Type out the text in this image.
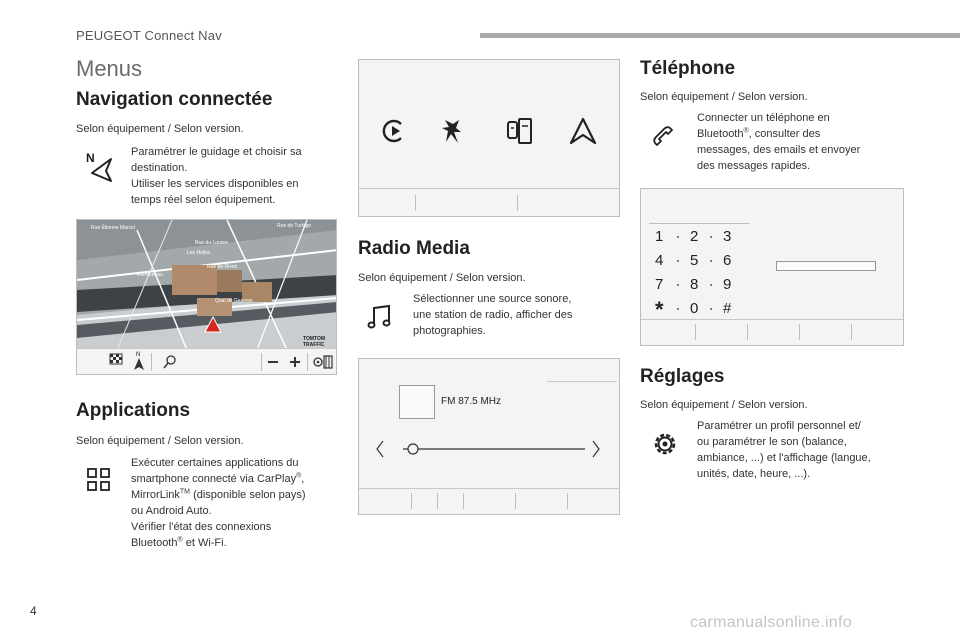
PEUGEOT Connect Nav
Menus
Navigation connectée
Selon équipement / Selon version.
N	Paramétrer le guidage et choisir sa
destination.
Utiliser les services disponibles en
temps réel selon équipement.
Rue Étienne Marcel	Rue de Turbigo
Rue du Louvre
Les Halles
Rue de Rivoli
Rambuteau
Quai de Gesvres
TOMTOM
TRAFFIC
N
Applications
Selon équipement / Selon version.
Exécuter certaines applications du
smartphone connecté via CarPlay®,
MirrorLink™ (disponible selon pays)
ou Android Auto.
Vérifier l'état des connexions
Bluetooth® et Wi-Fi.
Radio Media
Selon équipement / Selon version.
Sélectionner une source sonore,
une station de radio, afficher des
photographies.
FM 87.5 MHz
Téléphone
Selon équipement / Selon version.
Connecter un téléphone en
Bluetooth®, consulter des
messages, des emails et envoyer
des messages rapides.
1 2 3
4 5 6
7 8 9
* 0 #
Réglages
Selon équipement / Selon version.
Paramétrer un profil personnel et/
ou paramétrer le son (balance,
ambiance, ...) et l'affichage (langue,
unités, date, heure, ...).
4
carmanualsonline.info
